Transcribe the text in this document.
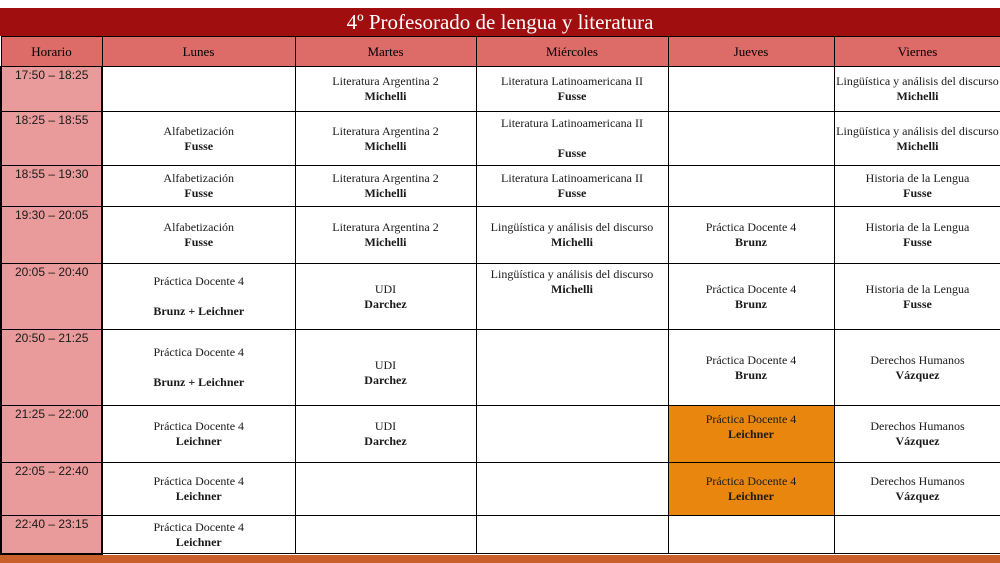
4º Profesorado de lengua y literatura
Horario	Lunes	Martes	Miércoles	Jueves	Viernes
17:50 – 18:25		Literatura Argentina 2
Michelli	Literatura Latinoamericana II
Fusse		Lingüística y análisis del discurso
Michelli

18:25 – 18:55	Alfabetización
Fusse	Literatura Argentina 2
Michelli	Literatura Latinoamericana II
Fusse		Lingüística y análisis del discurso
Michelli

18:55 – 19:30	Alfabetización
Fusse	Literatura Argentina 2
Michelli	Literatura Latinoamericana II
Fusse		Historia de la Lengua
Fusse

19:30 – 20:05	Alfabetización
Fusse	Literatura Argentina 2
Michelli	Lingüística y análisis del discurso
Michelli	Práctica Docente 4
Brunz	Historia de la Lengua
Fusse

20:05 – 20:40	Práctica Docente 4
Brunz + Leichner	UDI
Darchez	Lingüística y análisis del discurso
Michelli	Práctica Docente 4
Brunz	Historia de la Lengua
Fusse

20:50 – 21:25	Práctica Docente 4
Brunz + Leichner	UDI
Darchez		Práctica Docente 4
Brunz	Derechos Humanos
Vázquez

21:25 – 22:00	Práctica Docente 4
Leichner	UDI
Darchez		Práctica Docente 4
Leichner	Derechos Humanos
Vázquez

22:05 – 22:40	Práctica Docente 4
Leichner			Práctica Docente 4
Leichner	Derechos Humanos
Vázquez

22:40 – 23:15	Práctica Docente 4
Leichner				
